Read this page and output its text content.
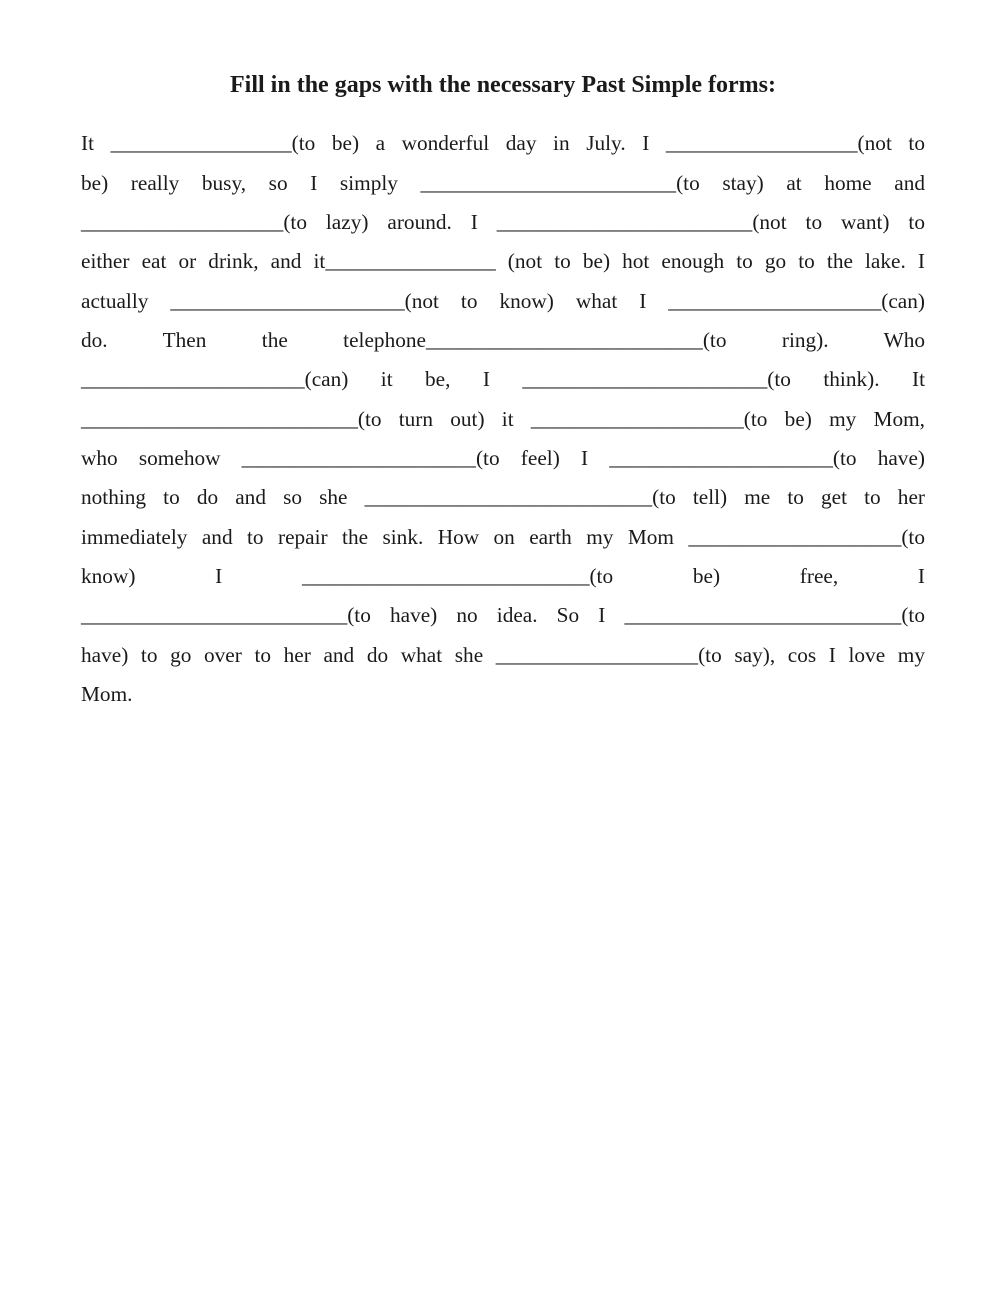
Fill in the gaps with the necessary Past Simple forms:
It _________________(to be) a wonderful day in July. I __________________(not to
be) really busy, so I simply ________________________(to stay) at home and
___________________(to lazy) around. I ________________________(not to want) to
either eat or drink, and it________________ (not to be) hot enough to go to the lake. I
actually ______________________(not to know) what I ____________________(can)
do. Then the telephone__________________________(to ring). Who
_____________________(can) it be, I _______________________(to think). It
__________________________(to turn out) it ____________________(to be) my Mom,
who somehow ______________________(to feel) I _____________________(to have)
nothing to do and so she ___________________________(to tell) me to get to her
immediately and to repair the sink. How on earth my Mom ____________________(to
know) I ___________________________(to be) free, I
_________________________(to have) no idea. So I __________________________(to
have) to go over to her and do what she ___________________(to say), cos I love my
Mom.
